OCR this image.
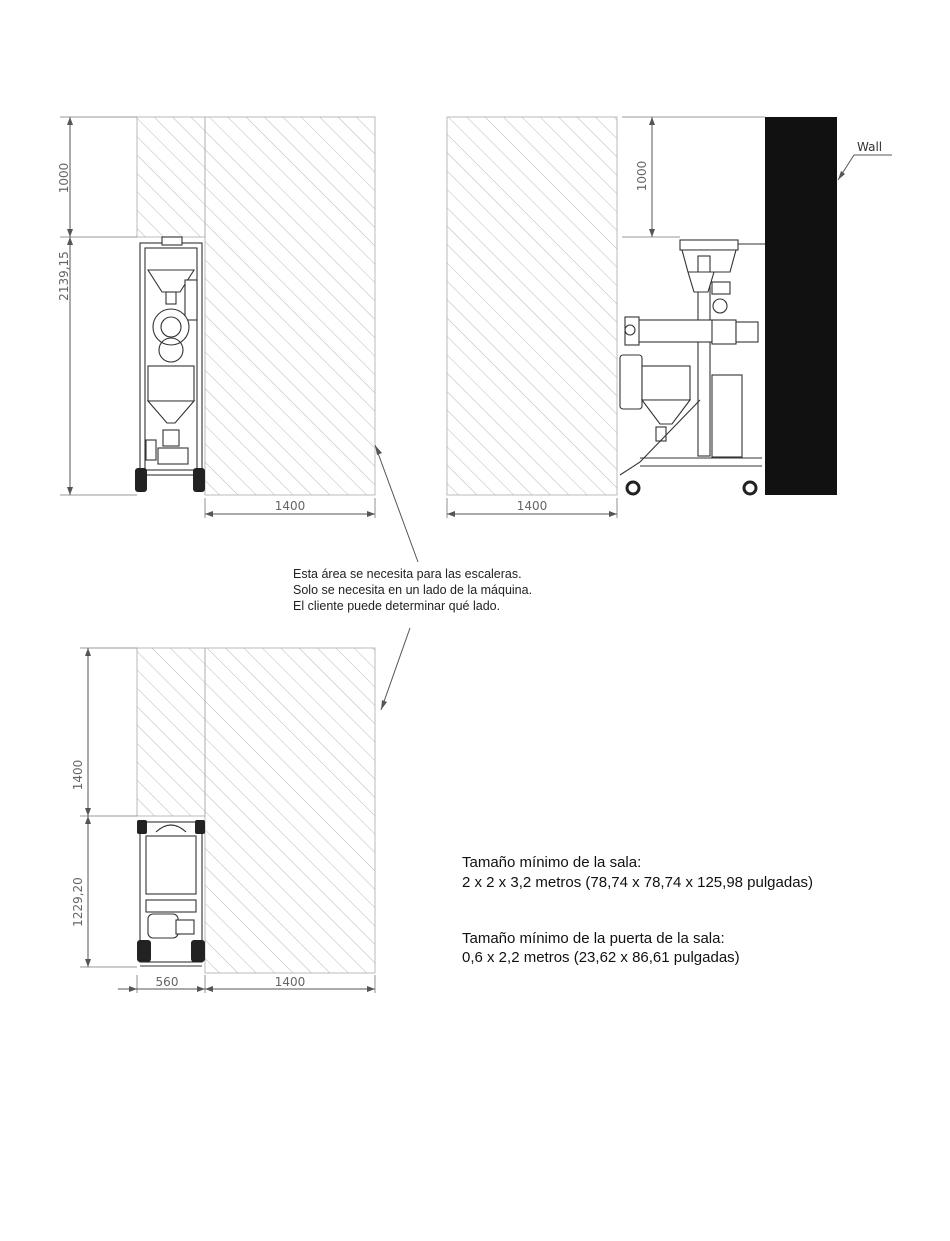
1000
2139,15
1400
Wall
1000
1400
Esta área se necesita para las escaleras.
Solo se necesita en un lado de la máquina.
El cliente puede determinar qué lado.
1400
1229,20
560	1400
Tamaño mínimo de la sala:
2 x 2 x 3,2 metros (78,74 x 78,74 x 125,98 pulgadas)
Tamaño mínimo de la puerta de la sala:
0,6 x 2,2 metros (23,62 x 86,61 pulgadas)
